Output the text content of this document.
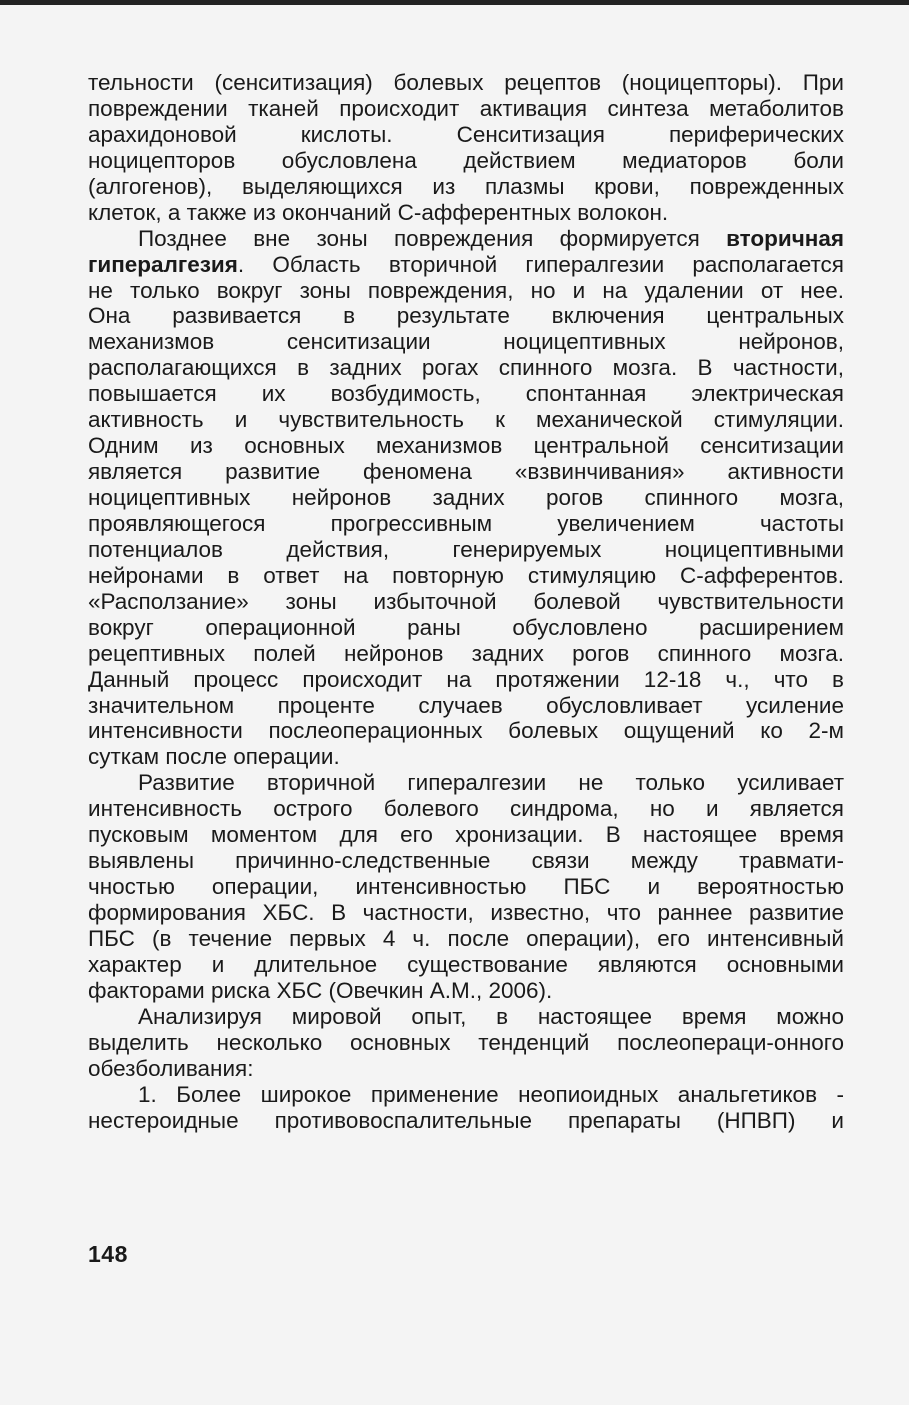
тельности (сенситизация) болевых рецептов (ноцицепторы). При
повреждении тканей происходит активация синтеза метаболитов
арахидоновой кислоты. Сенситизация периферических
ноцицепторов обусловлена действием медиаторов боли
(алгогенов), выделяющихся из плазмы крови, поврежденных
клеток, а также из окончаний С-афферентных волокон.
Позднее вне зоны повреждения формируется вторичная
гипералгезия. Область вторичной гипералгезии располагается
не только вокруг зоны повреждения, но и на удалении от нее.
Она развивается в результате включения центральных
механизмов сенситизации ноцицептивных нейронов,
располагающихся в задних рогах спинного мозга. В частности,
повышается их возбудимость, спонтанная электрическая
активность и чувствительность к механической стимуляции.
Одним из основных механизмов центральной сенситизации
является развитие феномена «взвинчивания» активности
ноцицептивных нейронов задних рогов спинного мозга,
проявляющегося прогрессивным увеличением частоты
потенциалов действия, генерируемых ноцицептивными
нейронами в ответ на повторную стимуляцию С-афферентов.
«Расползание» зоны избыточной болевой чувствительности
вокруг операционной раны обусловлено расширением
рецептивных полей нейронов задних рогов спинного мозга.
Данный процесс происходит на протяжении 12-18 ч., что в
значительном проценте случаев обусловливает усиление
интенсивности послеоперационных болевых ощущений ко 2-м
суткам после операции.
Развитие вторичной гипералгезии не только усиливает
интенсивность острого болевого синдрома, но и является
пусковым моментом для его хронизации. В настоящее время
выявлены причинно-следственные связи между травмати-
чностью операции, интенсивностью ПБС и вероятностью
формирования ХБС. В частности, известно, что раннее развитие
ПБС (в течение первых 4 ч. после операции), его интенсивный
характер и длительное существование являются основными
факторами риска ХБС (Овечкин А.М., 2006).
Анализируя мировой опыт, в настоящее время можно
выделить несколько основных тенденций послеопераци-онного
обезболивания:
1. Более широкое применение неопиоидных анальгетиков -
нестероидные противовоспалительные препараты (НПВП) и
148
